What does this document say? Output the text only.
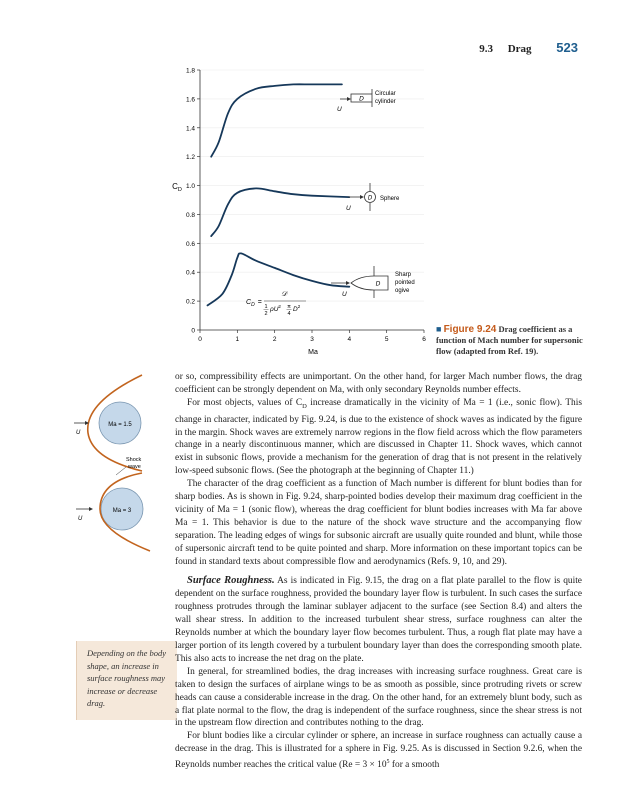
9.3 Drag 523
0
0.2
0.4
0.6
0.8
1.0
1.2
1.4
1.6
1.8
0	1	2	3	4	5	6
$C_D$
Ma
D
U
Circular
cylinder
D
U
Sphere
D
U
Sharp
pointed
ogive
$C_D$ =
𝒟
1
2
$\rho U^2$ π
4
$D^2$
■ Figure 9.24 Drag coefficient as a function of Mach number for supersonic flow (adapted from Ref. 19).
Ma = 1.5
U
Shock
wave
Ma = 3
U
Depending on the body shape, an increase in surface roughness may increase or decrease drag.

or so, compressibility effects are unimportant. On the other hand, for larger Mach number flows, the drag coefficient can be strongly dependent on Ma, with only secondary Reynolds number effects.

For most objects, values of $C_D$ increase dramatically in the vicinity of Ma = 1 (i.e., sonic flow). This change in character, indicated by Fig. 9.24, is due to the existence of shock waves as indicated by the figure in the margin. Shock waves are extremely narrow regions in the flow field across which the flow parameters change in a nearly discontinuous manner, which are discussed in Chapter 11. Shock waves, which cannot exist in subsonic flows, provide a mechanism for the generation of drag that is not present in the relatively low-speed subsonic flows. (See the photograph at the beginning of Chapter 11.)

The character of the drag coefficient as a function of Mach number is different for blunt bodies than for sharp bodies. As is shown in Fig. 9.24, sharp-pointed bodies develop their maximum drag coefficient in the vicinity of Ma = 1 (sonic flow), whereas the drag coefficient for blunt bodies increases with Ma far above Ma = 1. This behavior is due to the nature of the shock wave structure and the accompanying flow separation. The leading edges of wings for subsonic aircraft are usually quite rounded and blunt, while those of supersonic aircraft tend to be quite pointed and sharp. More information on these important topics can be found in standard texts about compressible flow and aerodynamics (Refs. 9, 10, and 29).

Surface Roughness. As is indicated in Fig. 9.15, the drag on a flat plate parallel to the flow is quite dependent on the surface roughness, provided the boundary layer flow is turbulent. In such cases the surface roughness protrudes through the laminar sublayer adjacent to the surface (see Section 8.4) and alters the wall shear stress. In addition to the increased turbulent shear stress, surface roughness can alter the Reynolds number at which the boundary layer flow becomes turbulent. Thus, a rough flat plate may have a larger portion of its length covered by a turbulent boundary layer than does the corresponding smooth plate. This also acts to increase the net drag on the plate.

In general, for streamlined bodies, the drag increases with increasing surface roughness. Great care is taken to design the surfaces of airplane wings to be as smooth as possible, since protruding rivets or screw heads can cause a considerable increase in the drag. On the other hand, for an extremely blunt body, such as a flat plate normal to the flow, the drag is independent of the surface roughness, since the shear stress is not in the upstream flow direction and contributes nothing to the drag.

For blunt bodies like a circular cylinder or sphere, an increase in surface roughness can actually cause a decrease in the drag. This is illustrated for a sphere in Fig. 9.25. As is discussed in Section 9.2.6, when the Reynolds number reaches the critical value ($Re = 3 \times 10^5$ for a smooth
